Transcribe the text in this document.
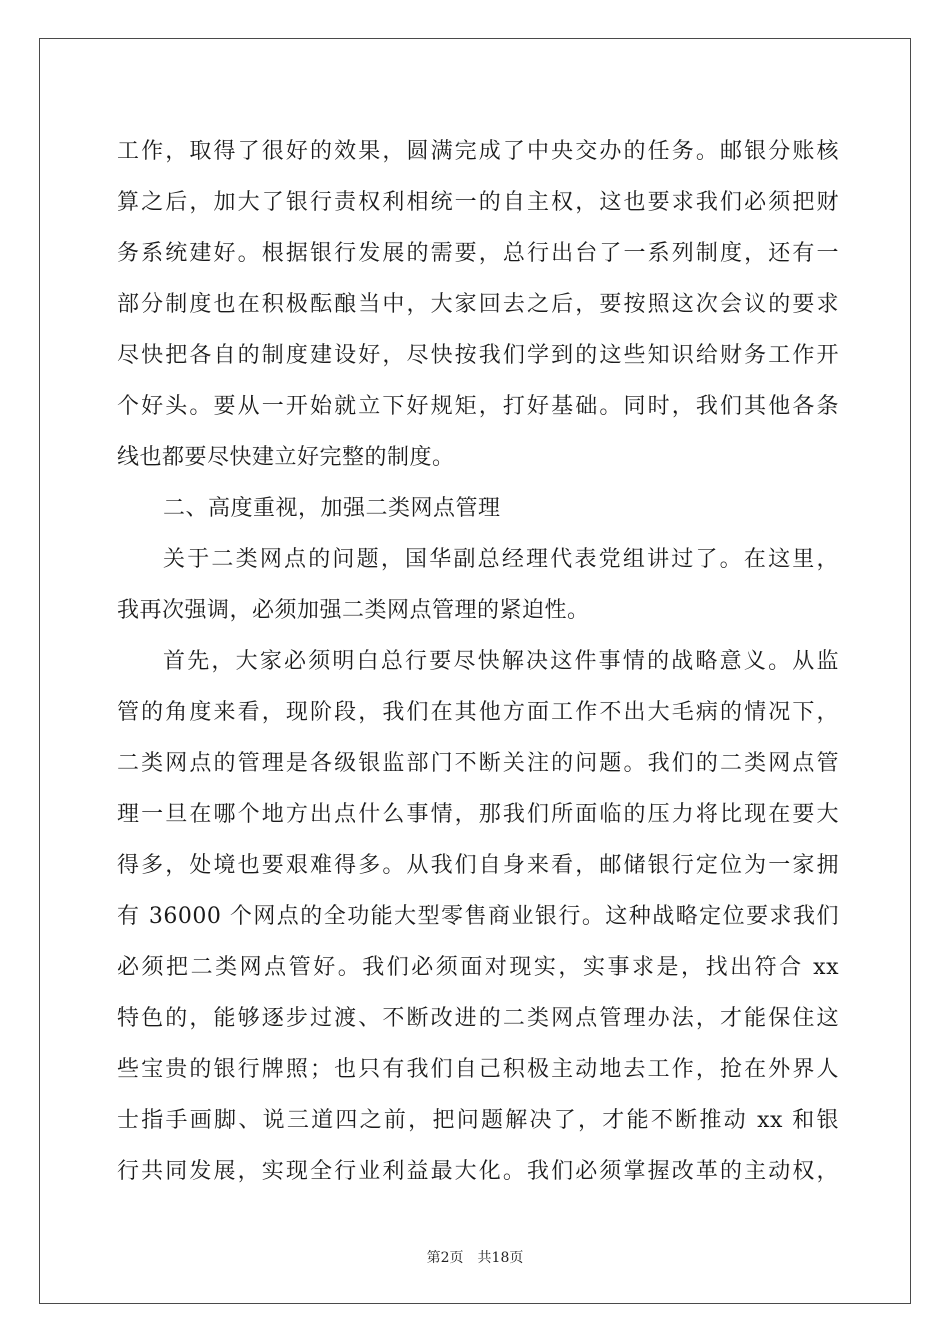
工作，取得了很好的效果，圆满完成了中央交办的任务。邮银分账核
算之后，加大了银行责权利相统一的自主权，这也要求我们必须把财
务系统建好。根据银行发展的需要，总行出台了一系列制度，还有一
部分制度也在积极酝酿当中，大家回去之后，要按照这次会议的要求
尽快把各自的制度建设好，尽快按我们学到的这些知识给财务工作开
个好头。要从一开始就立下好规矩，打好基础。同时，我们其他各条
线也都要尽快建立好完整的制度。
二、高度重视，加强二类网点管理
关于二类网点的问题，国华副总经理代表党组讲过了。在这里，
我再次强调，必须加强二类网点管理的紧迫性。
首先，大家必须明白总行要尽快解决这件事情的战略意义。从监
管的角度来看，现阶段，我们在其他方面工作不出大毛病的情况下，
二类网点的管理是各级银监部门不断关注的问题。我们的二类网点管
理一旦在哪个地方出点什么事情，那我们所面临的压力将比现在要大
得多，处境也要艰难得多。从我们自身来看，邮储银行定位为一家拥
有 36000 个网点的全功能大型零售商业银行。这种战略定位要求我们
必须把二类网点管好。我们必须面对现实，实事求是，找出符合 xx
特色的，能够逐步过渡、不断改进的二类网点管理办法，才能保住这
些宝贵的银行牌照；也只有我们自己积极主动地去工作，抢在外界人
士指手画脚、说三道四之前，把问题解决了，才能不断推动 xx 和银
行共同发展，实现全行业利益最大化。我们必须掌握改革的主动权，
第2页 共18页
